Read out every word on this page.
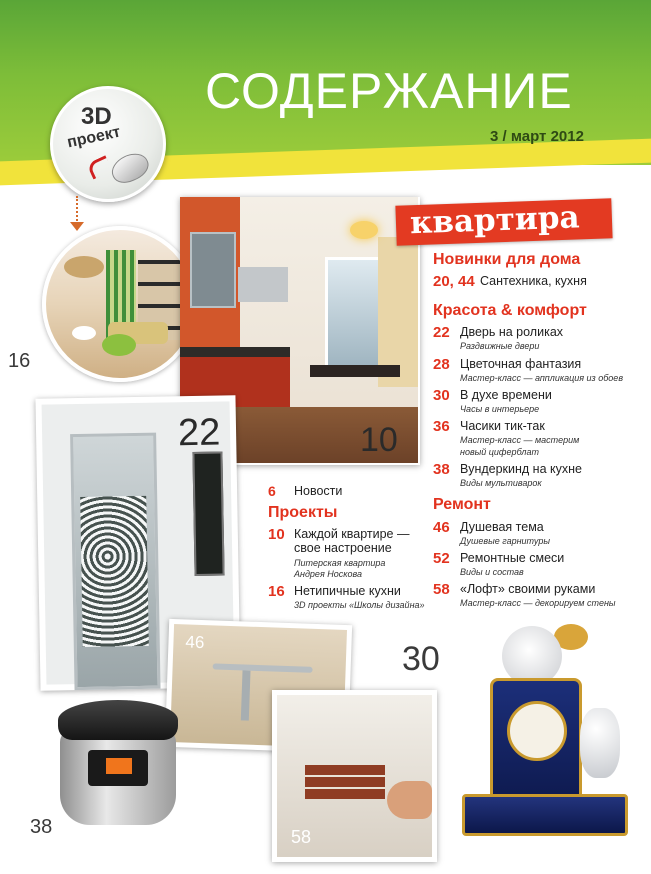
СОДЕРЖАНИЕ
3 / март 2012
3D
проект
16
10
квартира
Новинки для дома
20, 44 Сантехника, кухня
Красота & комфорт
22 Дверь на роликах
Раздвижные двери
28 Цветочная фантазия
Мастер-класс — аппликация из обоев
30 В духе времени
Часы в интерьере
36 Часики тик-так
Мастер-класс — мастерим
новый циферблат
38 Вундеркинд на кухне
Виды мультиварок
Ремонт
46 Душевая тема
Душевые гарнитуры
52 Ремонтные смеси
Виды и состав
58 «Лофт» своими руками
Мастер-класс — декорируем стены
6 Новости
Проекты
10 Каждой квартире —
свое настроение
Питерская квартира
Андрея Носкова
16 Нетипичные кухни
3D проекты «Школы дизайна»
22
46
58
38
30
